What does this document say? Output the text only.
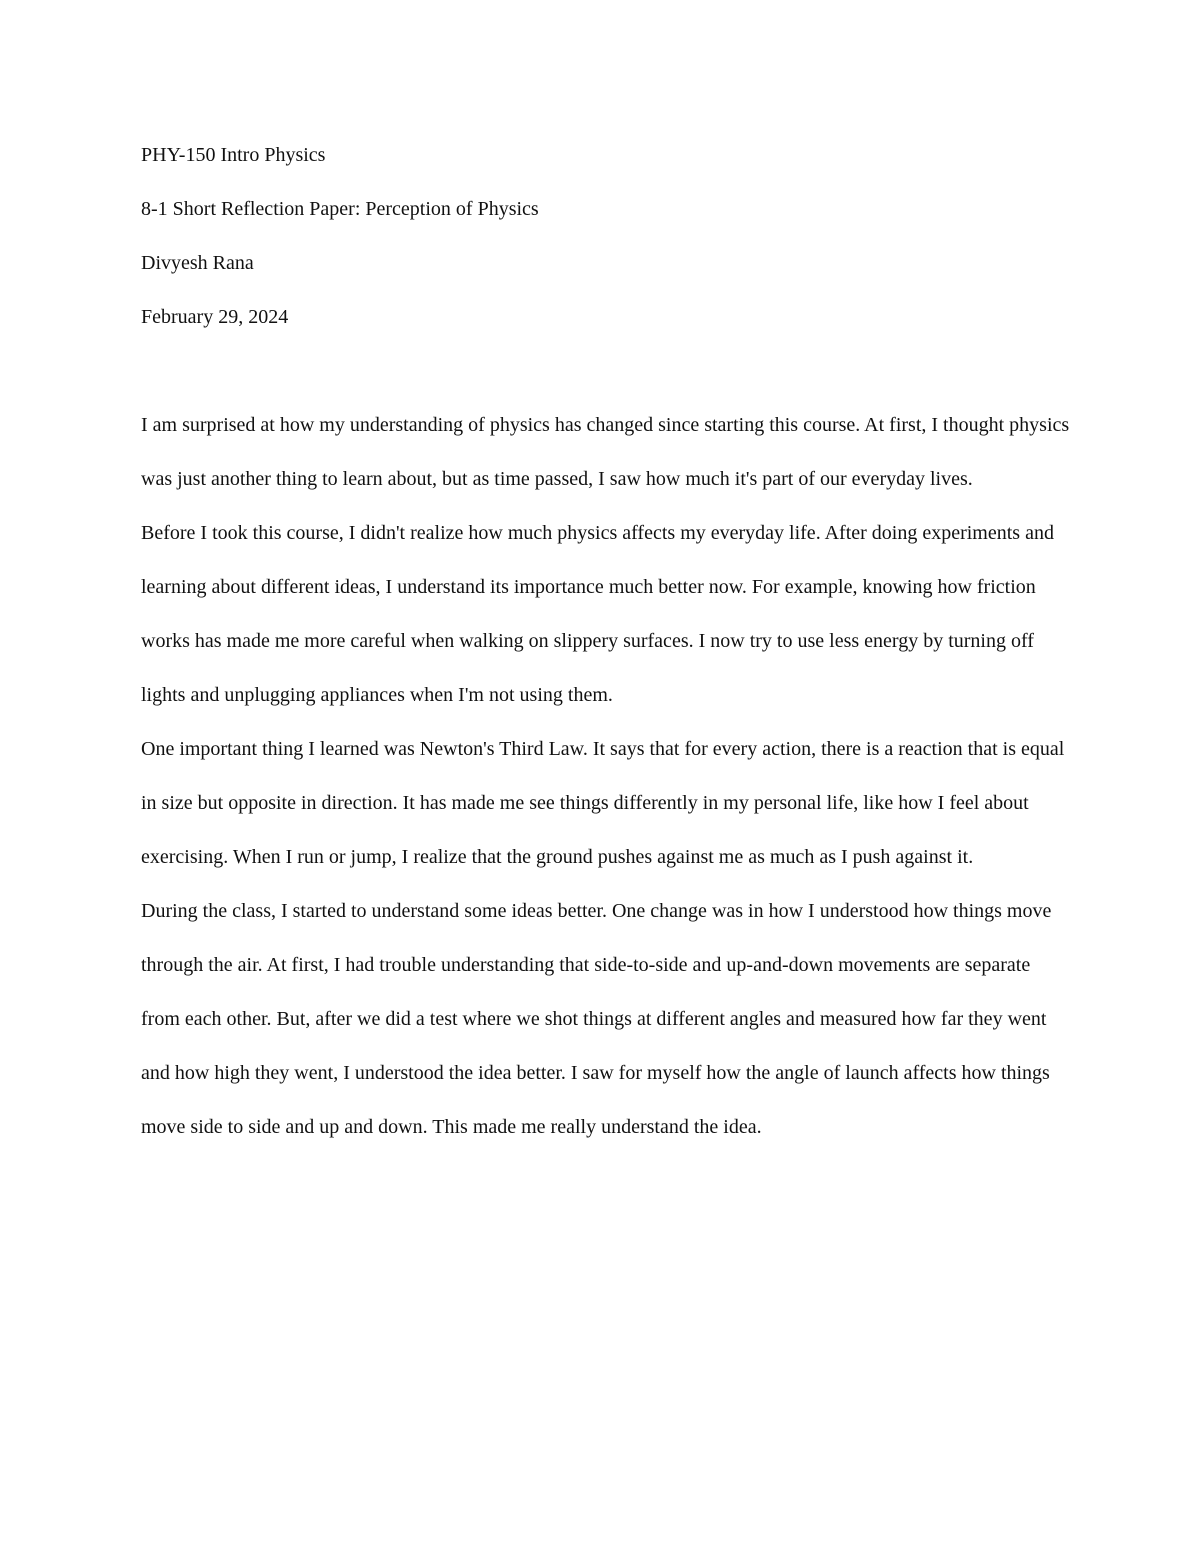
PHY-150 Intro Physics

8-1 Short Reflection Paper: Perception of Physics

Divyesh Rana

February 29, 2024

I am surprised at how my understanding of physics has changed since starting this course. At first, I thought physics was just another thing to learn about, but as time passed, I saw how much it's part of our everyday lives.

Before I took this course, I didn't realize how much physics affects my everyday life. After doing experiments and learning about different ideas, I understand its importance much better now. For example, knowing how friction works has made me more careful when walking on slippery surfaces. I now try to use less energy by turning off lights and unplugging appliances when I'm not using them.

One important thing I learned was Newton's Third Law. It says that for every action, there is a reaction that is equal in size but opposite in direction. It has made me see things differently in my personal life, like how I feel about exercising. When I run or jump, I realize that the ground pushes against me as much as I push against it.

During the class, I started to understand some ideas better. One change was in how I understood how things move through the air. At first, I had trouble understanding that side-to-side and up-and-down movements are separate from each other. But, after we did a test where we shot things at different angles and measured how far they went and how high they went, I understood the idea better. I saw for myself how the angle of launch affects how things move side to side and up and down. This made me really understand the idea.
